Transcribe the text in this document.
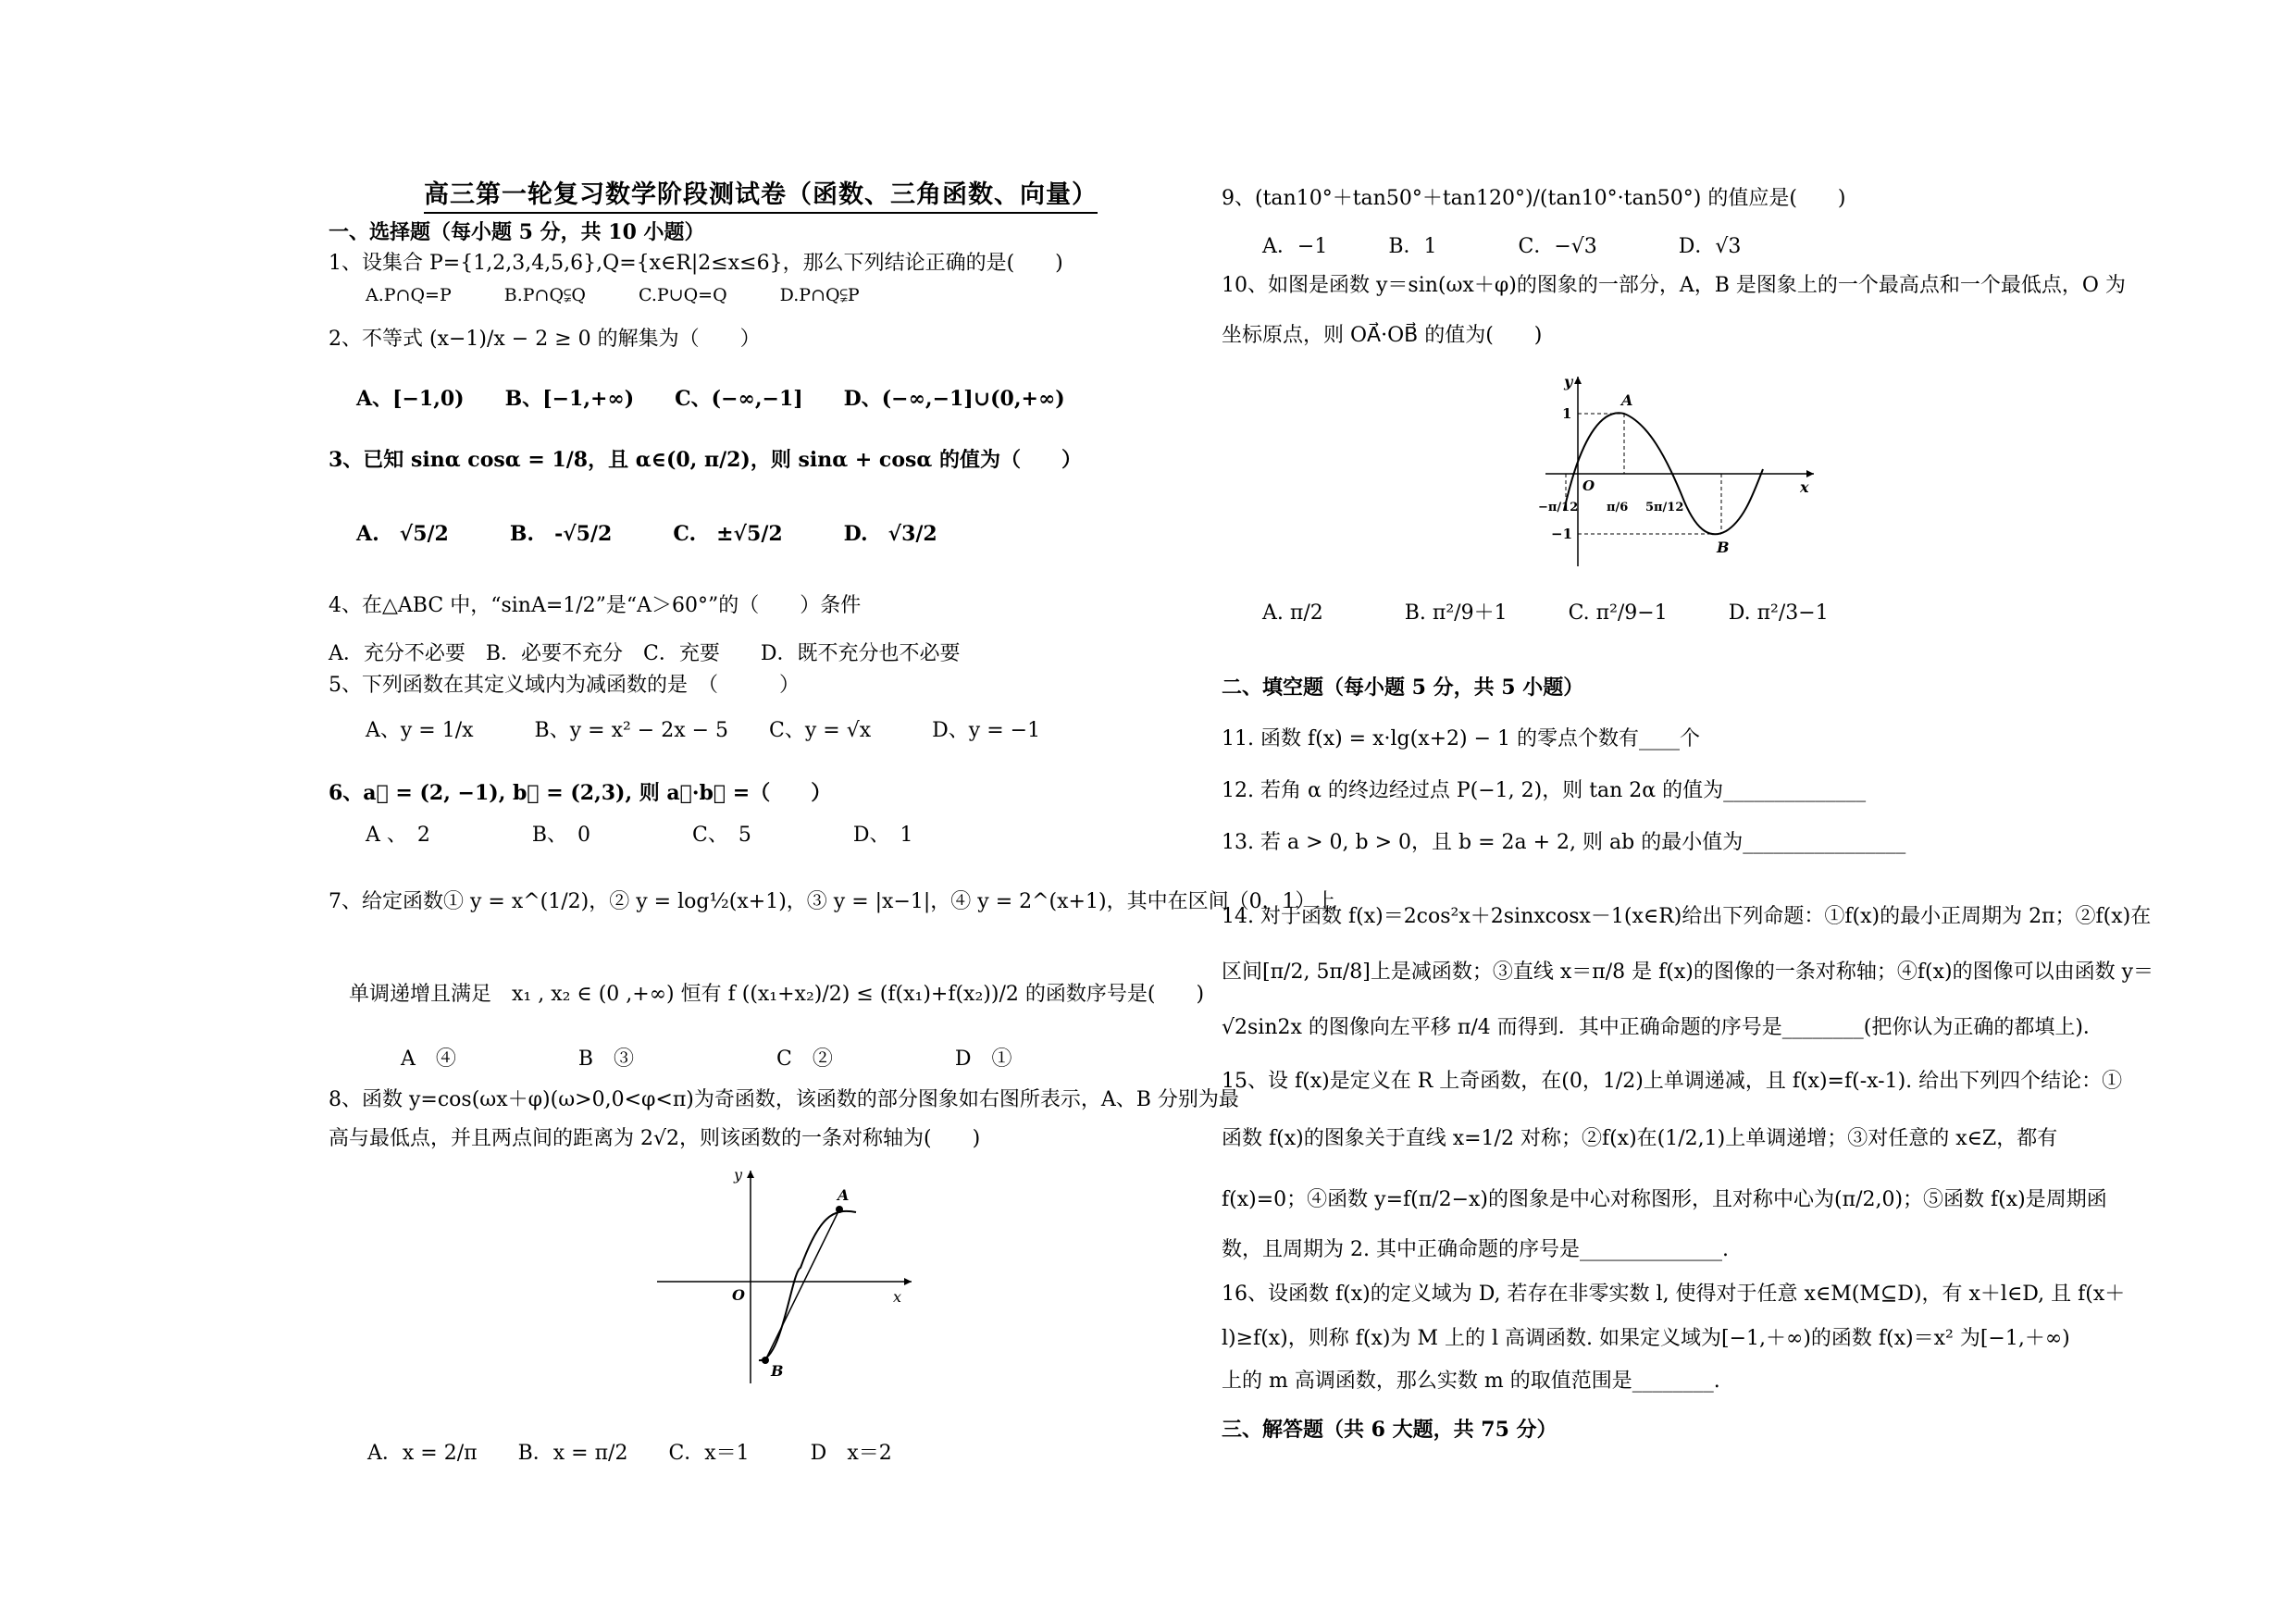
高三第一轮复习数学阶段测试卷（函数、三角函数、向量）
一、选择题（每小题 5 分，共 10 小题）
1、设集合 P={1,2,3,4,5,6},Q={x∈R|2≤x≤6}，那么下列结论正确的是(　　)
A.P∩Q=P　　　B.P∩Q⫋Q　　　C.P∪Q=Q　　　D.P∩Q⫋P
2、不等式 (x−1)/x − 2 ≥ 0 的解集为（　　）
A、[−1,0)　　B、[−1,+∞)　　C、(−∞,−1]　　D、(−∞,−1]∪(0,+∞)
3、已知 sinα cosα = 1/8，且 α∈(0, π/2)，则 sinα + cosα 的值为（　　）
A.　√5/2　　　B.　-√5/2　　　C.　±√5/2　　　D.　√3/2
4、在△ABC 中，“sinA=1/2”是“A＞60°”的（　　）条件
A．充分不必要　B．必要不充分　C．充要　　D．既不充分也不必要
5、下列函数在其定义域内为减函数的是　（　　　）
A、y = 1/x　　　B、y = x² − 2x − 5　　C、y = √x　　　D、y = −1
6、a⃗ = (2, −1), b⃗ = (2,3), 则 a⃗·b⃗ =（　　）
A 、　2　　　　　B、　0　　　　　C、　5　　　　　D、　1
7、给定函数① y = x^(1/2)，② y = log½(x+1)，③ y = |x−1|，④ y = 2^(x+1)，其中在区间（0，1）上
单调递增且满足　x₁ , x₂ ∈ (0 ,+∞) 恒有 f ((x₁+x₂)/2) ≤ (f(x₁)+f(x₂))/2 的函数序号是(　　)
A　④　　　　　　B　③　　　　　　　C　②　　　　　　D　①
8、函数 y=cos(ωx＋φ)(ω>0,0<φ<π)为奇函数，该函数的部分图象如右图所表示，A、B 分别为最
高与最低点，并且两点间的距离为 2√2，则该函数的一条对称轴为(　　)
A
B
O	x
y
A．x = 2/π　　B．x = π/2　　C．x＝1　　　D　x＝2
9、(tan10°＋tan50°＋tan120°)/(tan10°·tan50°) 的值应是(　　)
A．−1　　　B．1　　　　C．−√3　　　　D．√3
10、如图是函数 y＝sin(ωx＋φ)的图象的一部分，A，B 是图象上的一个最高点和一个最低点，O 为
坐标原点，则 OA⃗·OB⃗ 的值为(　　)
A
B
O
1
−1
−π/12 π/6 5π/12
x
y
A. π/2　　　　B. π²/9＋1　　　C. π²/9−1　　　D. π²/3−1
二、填空题（每小题 5 分，共 5 小题）
11. 函数 f(x) = x·lg(x+2) − 1 的零点个数有____个
12. 若角 α 的终边经过点 P(−1, 2)，则 tan 2α 的值为______________
13. 若 a > 0, b > 0，且 b = 2a + 2, 则 ab 的最小值为________________
14. 对于函数 f(x)＝2cos²x＋2sinxcosx－1(x∈R)给出下列命题：①f(x)的最小正周期为 2π；②f(x)在
区间[π/2, 5π/8]上是减函数；③直线 x＝π/8 是 f(x)的图像的一条对称轴；④f(x)的图像可以由函数 y＝
√2sin2x 的图像向左平移 π/4 而得到．其中正确命题的序号是________(把你认为正确的都填上)．
15、设 f(x)是定义在 R 上奇函数，在(0，1/2)上单调递减，且 f(x)=f(-x-1). 给出下列四个结论：①
函数 f(x)的图象关于直线 x=1/2 对称；②f(x)在(1/2,1)上单调递增；③对任意的 x∈Z，都有
f(x)=0；④函数 y=f(π/2−x)的图象是中心对称图形，且对称中心为(π/2,0)；⑤函数 f(x)是周期函
数，且周期为 2. 其中正确命题的序号是______________.
16、设函数 f(x)的定义域为 D, 若存在非零实数 l, 使得对于任意 x∈M(M⊆D)，有 x＋l∈D, 且 f(x＋
l)≥f(x)，则称 f(x)为 M 上的 l 高调函数. 如果定义域为[−1,＋∞)的函数 f(x)＝x² 为[−1,＋∞)
上的 m 高调函数，那么实数 m 的取值范围是________.
三、解答题（共 6 大题，共 75 分）
